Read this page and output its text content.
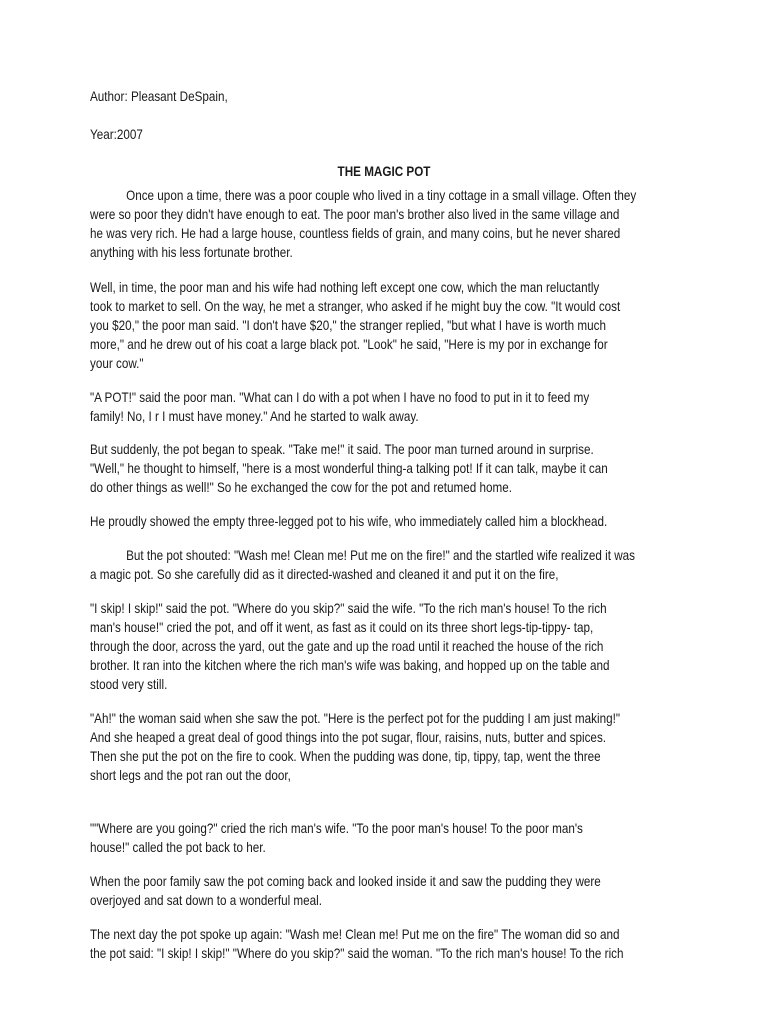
Author: Pleasant DeSpain,
Year:2007
THE MAGIC POT
Once upon a time, there was a poor couple who lived in a tiny cottage in a small village. Often they
were so poor they didn't have enough to eat. The poor man's brother also lived in the same village and
he was very rich. He had a large house, countless fields of grain, and many coins, but he never shared
anything with his less fortunate brother.
Well, in time, the poor man and his wife had nothing left except one cow, which the man reluctantly
took to market to sell. On the way, he met a stranger, who asked if he might buy the cow. "It would cost
you $20," the poor man said. "I don't have $20," the stranger replied, "but what I have is worth much
more," and he drew out of his coat a large black pot. "Look" he said, "Here is my por in exchange for
your cow."
"A POT!" said the poor man. "What can I do with a pot when I have no food to put in it to feed my
family! No, I r I must have money." And he started to walk away.
But suddenly, the pot began to speak. "Take me!" it said. The poor man turned around in surprise.
"Well," he thought to himself, "here is a most wonderful thing-a talking pot! If it can talk, maybe it can
do other things as well!" So he exchanged the cow for the pot and retumed home.
He proudly showed the empty three-legged pot to his wife, who immediately called him a blockhead.
But the pot shouted: "Wash me! Clean me! Put me on the fire!" and the startled wife realized it was
a magic pot. So she carefully did as it directed-washed and cleaned it and put it on the fire,
"I skip! I skip!" said the pot. "Where do you skip?" said the wife. "To the rich man's house! To the rich
man's house!" cried the pot, and off it went, as fast as it could on its three short legs-tip-tippy- tap,
through the door, across the yard, out the gate and up the road until it reached the house of the rich
brother. It ran into the kitchen where the rich man's wife was baking, and hopped up on the table and
stood very still.
"Ah!" the woman said when she saw the pot. "Here is the perfect pot for the pudding I am just making!"
And she heaped a great deal of good things into the pot sugar, flour, raisins, nuts, butter and spices.
Then she put the pot on the fire to cook. When the pudding was done, tip, tippy, tap, went the three
short legs and the pot ran out the door,
""Where are you going?" cried the rich man's wife. "To the poor man's house! To the poor man's
house!" called the pot back to her.
When the poor family saw the pot coming back and looked inside it and saw the pudding they were
overjoyed and sat down to a wonderful meal.
The next day the pot spoke up again: "Wash me! Clean me! Put me on the fire" The woman did so and
the pot said: "I skip! I skip!" "Where do you skip?" said the woman. "To the rich man's house! To the rich
